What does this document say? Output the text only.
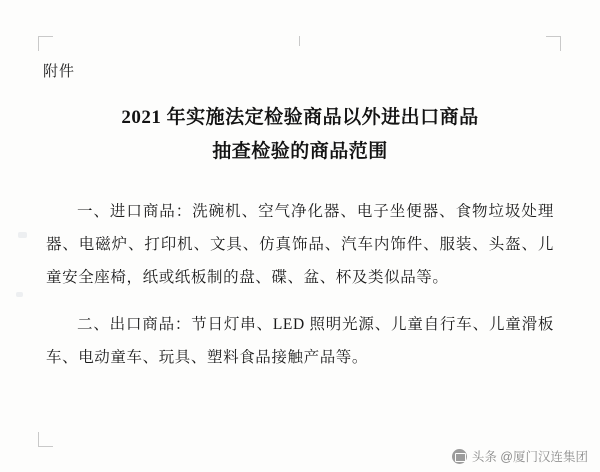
附件
2021 年实施法定检验商品以外进出口商品
抽查检验的商品范围

一、进口商品：洗碗机、空气净化器、电子坐便器、食物垃圾处理器、电磁炉、打印机、文具、仿真饰品、汽车内饰件、服装、头盔、儿童安全座椅，纸或纸板制的盘、碟、盆、杯及类似品等。

二、出口商品：节日灯串、LED 照明光源、儿童自行车、儿童滑板车、电动童车、玩具、塑料食品接触产品等。

头条 @厦门汉连集团
